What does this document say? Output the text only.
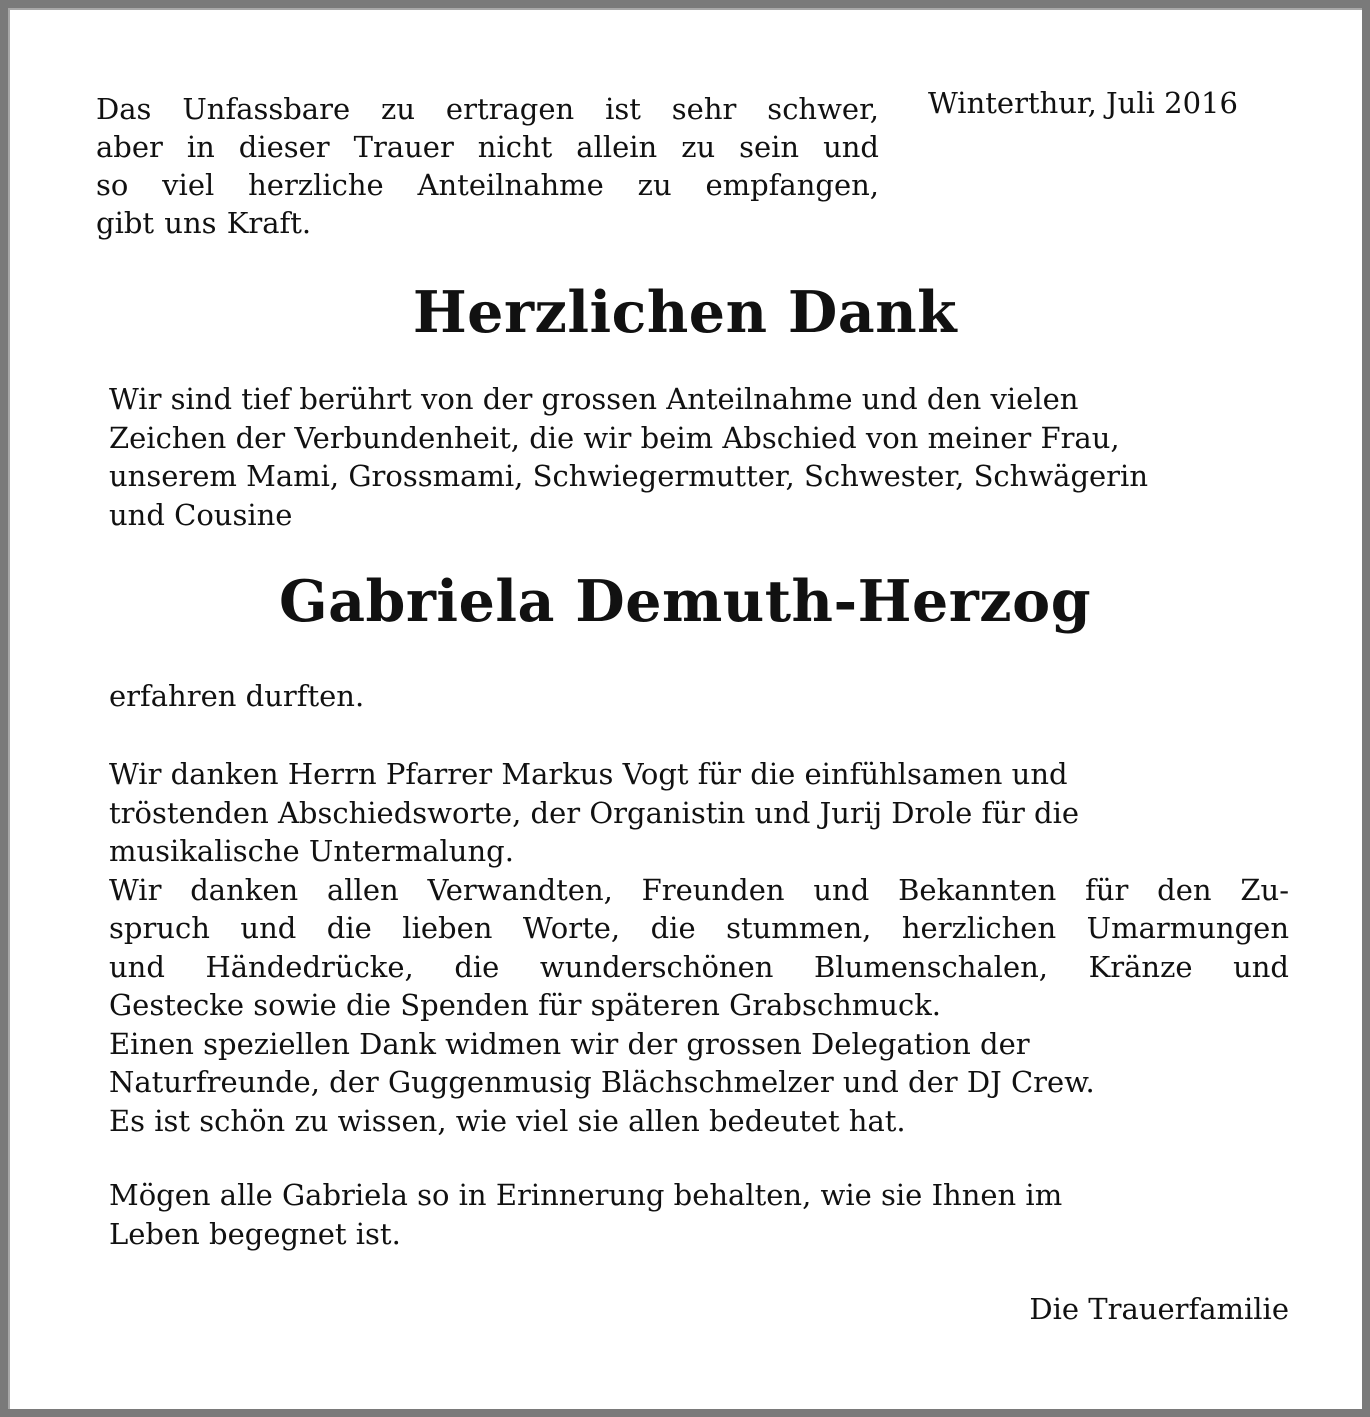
Das Unfassbare zu ertragen ist sehr schwer,
aber in dieser Trauer nicht allein zu sein und
so viel herzliche Anteilnahme zu empfangen,
gibt uns Kraft.
Winterthur, Juli 2016
Herzlichen Dank
Wir sind tief berührt von der grossen Anteilnahme und den vielen
Zeichen der Verbundenheit, die wir beim Abschied von meiner Frau,
unserem Mami, Grossmami, Schwiegermutter, Schwester, Schwägerin
und Cousine
Gabriela Demuth-Herzog
erfahren durften.
Wir danken Herrn Pfarrer Markus Vogt für die einfühlsamen und
tröstenden Abschiedsworte, der Organistin und Jurij Drole für die
musikalische Untermalung.
Wir danken allen Verwandten, Freunden und Bekannten für den Zu-
spruch und die lieben Worte, die stummen, herzlichen Umarmungen
und Händedrücke, die wunderschönen Blumenschalen, Kränze und
Gestecke sowie die Spenden für späteren Grabschmuck.
Einen speziellen Dank widmen wir der grossen Delegation der
Naturfreunde, der Guggenmusig Blächschmelzer und der DJ Crew.
Es ist schön zu wissen, wie viel sie allen bedeutet hat.
Mögen alle Gabriela so in Erinnerung behalten, wie sie Ihnen im
Leben begegnet ist.
Die Trauerfamilie
